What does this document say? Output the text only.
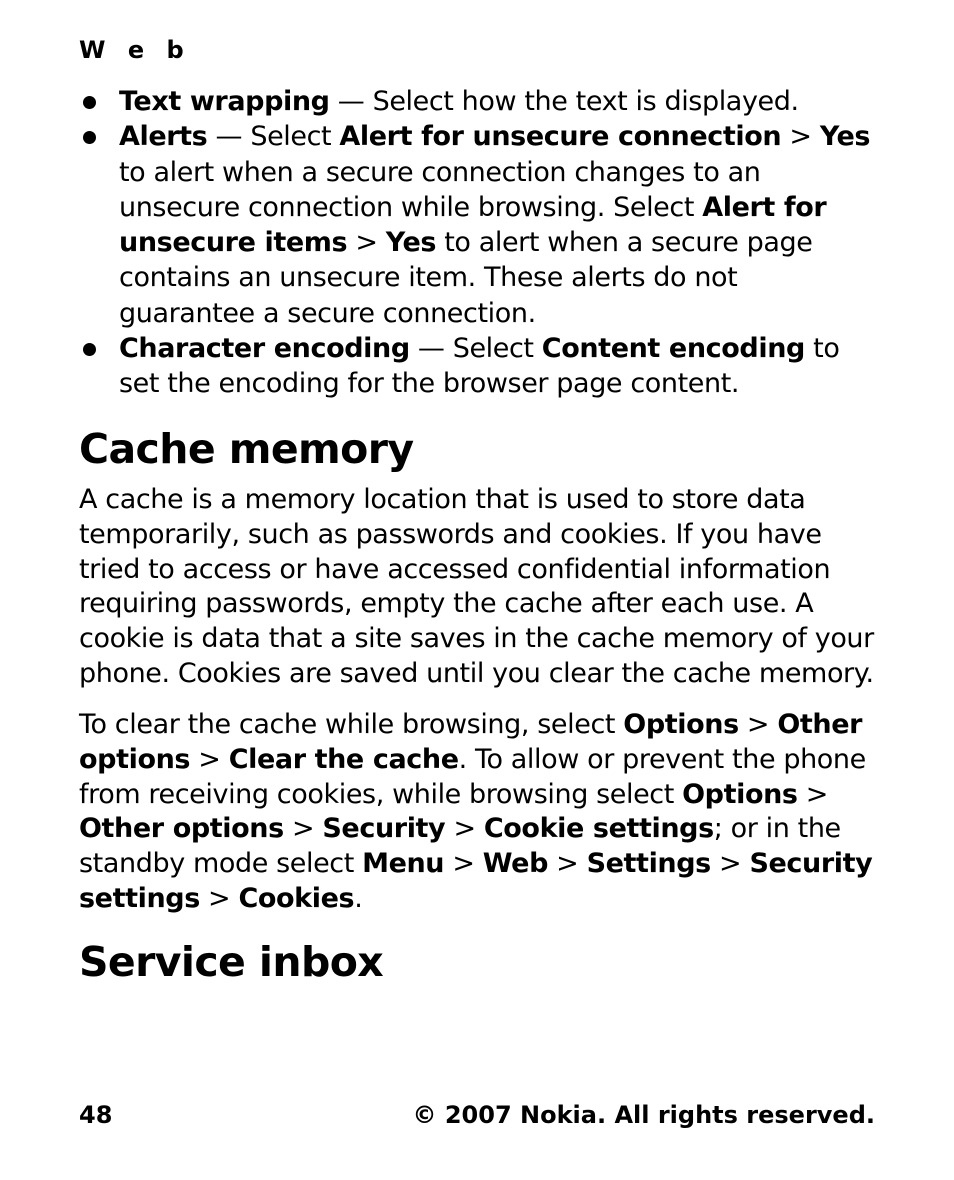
W e b

Text wrapping — Select how the text is displayed.
Alerts — Select Alert for unsecure connection > Yes to alert when a secure connection changes to an unsecure connection while browsing. Select Alert for unsecure items > Yes to alert when a secure page contains an unsecure item. These alerts do not guarantee a secure connection.
Character encoding — Select Content encoding to set the encoding for the browser page content.
Cache memory

A cache is a memory location that is used to store data temporarily, such as passwords and cookies. If you have tried to access or have accessed confidential information requiring passwords, empty the cache after each use. A cookie is data that a site saves in the cache memory of your phone. Cookies are saved until you clear the cache memory.

To clear the cache while browsing, select Options > Other options > Clear the cache. To allow or prevent the phone from receiving cookies, while browsing select Options > Other options > Security > Cookie settings; or in the standby mode select Menu > Web > Settings > Security settings > Cookies.

Service inbox
48	© 2007 Nokia. All rights reserved.
